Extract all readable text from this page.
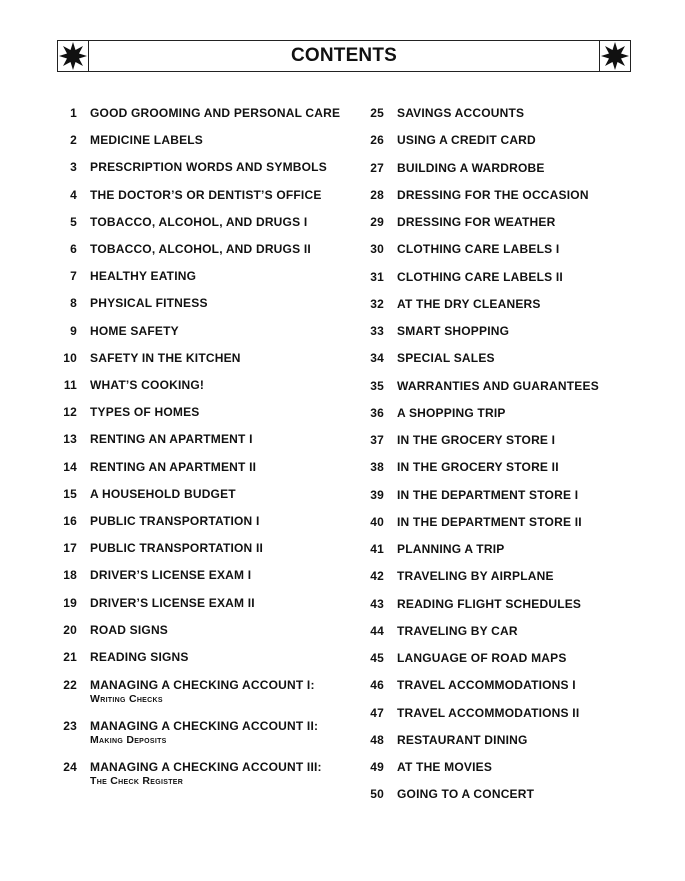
CONTENTS
1 GOOD GROOMING AND PERSONAL CARE
2 MEDICINE LABELS
3 PRESCRIPTION WORDS AND SYMBOLS
4 THE DOCTOR’S OR DENTIST’S OFFICE
5 TOBACCO, ALCOHOL, AND DRUGS I
6 TOBACCO, ALCOHOL, AND DRUGS II
7 HEALTHY EATING
8 PHYSICAL FITNESS
9 HOME SAFETY
10 SAFETY IN THE KITCHEN
11 WHAT’S COOKING!
12 TYPES OF HOMES
13 RENTING AN APARTMENT I
14 RENTING AN APARTMENT II
15 A HOUSEHOLD BUDGET
16 PUBLIC TRANSPORTATION I
17 PUBLIC TRANSPORTATION II
18 DRIVER’S LICENSE EXAM I
19 DRIVER’S LICENSE EXAM II
20 ROAD SIGNS
21 READING SIGNS
22 MANAGING A CHECKING ACCOUNT I:
Writing Checks
23 MANAGING A CHECKING ACCOUNT II:
Making Deposits
24 MANAGING A CHECKING ACCOUNT III:
The Check Register
25 SAVINGS ACCOUNTS
26 USING A CREDIT CARD
27 BUILDING A WARDROBE
28 DRESSING FOR THE OCCASION
29 DRESSING FOR WEATHER
30 CLOTHING CARE LABELS I
31 CLOTHING CARE LABELS II
32 AT THE DRY CLEANERS
33 SMART SHOPPING
34 SPECIAL SALES
35 WARRANTIES AND GUARANTEES
36 A SHOPPING TRIP
37 IN THE GROCERY STORE I
38 IN THE GROCERY STORE II
39 IN THE DEPARTMENT STORE I
40 IN THE DEPARTMENT STORE II
41 PLANNING A TRIP
42 TRAVELING BY AIRPLANE
43 READING FLIGHT SCHEDULES
44 TRAVELING BY CAR
45 LANGUAGE OF ROAD MAPS
46 TRAVEL ACCOMMODATIONS I
47 TRAVEL ACCOMMODATIONS II
48 RESTAURANT DINING
49 AT THE MOVIES
50 GOING TO A CONCERT
